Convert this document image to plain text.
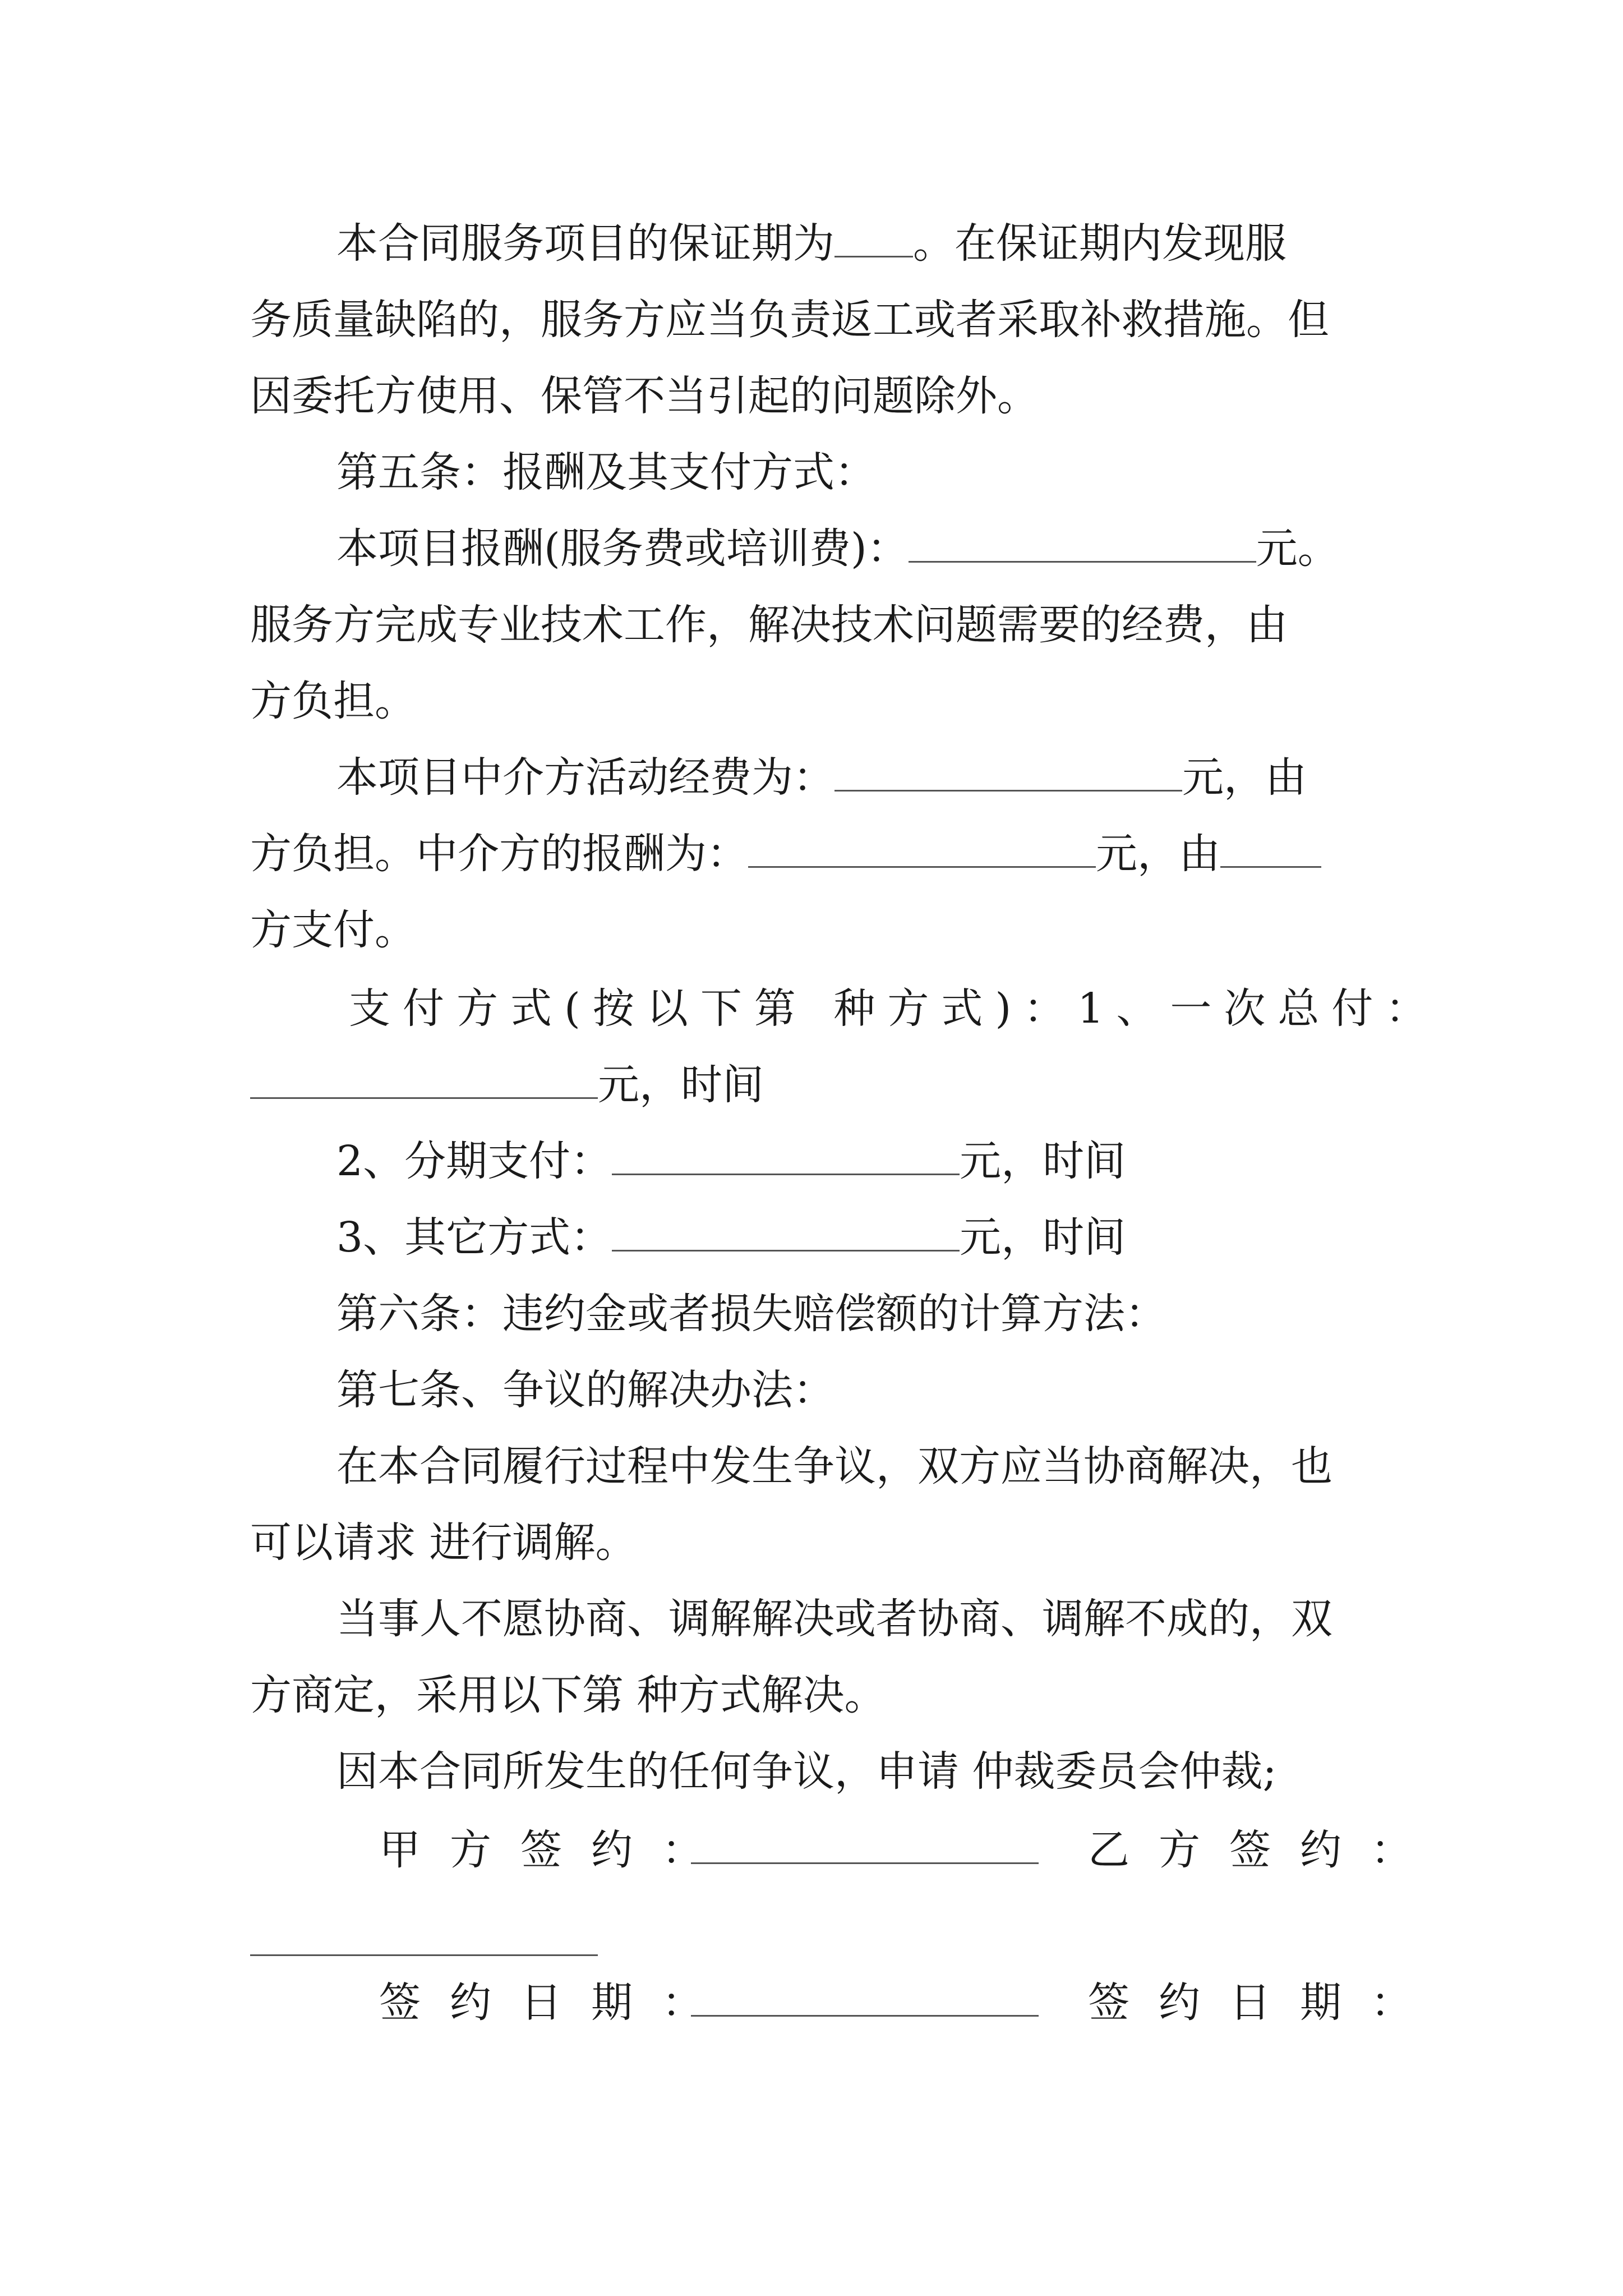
本合同服务项目的保证期为 。在保证期内发现服
务质量缺陷的，服务方应当负责返工或者采取补救措施。但
因委托方使用、保管不当引起的问题除外。
第五条：报酬及其支付方式：
本项目报酬(服务费或培训费)：	元。
服务方完成专业技术工作，解决技术问题需要的经费，由
方负担。
本项目中介方活动经费为：	元，由
方负担。中介方的报酬为：	元，由
方支付。
支付方式(按以下第 种方式)：1、一次总付：
元，时间
2、分期支付：	元，时间
3、其它方式：	元，时间
第六条：违约金或者损失赔偿额的计算方法：
第七条、争议的解决办法：
在本合同履行过程中发生争议，双方应当协商解决，也
可以请求 进行调解。
当事人不愿协商、调解解决或者协商、调解不成的，双
方商定，采用以下第 种方式解决。
因本合同所发生的任何争议，申请 仲裁委员会仲裁;
甲方签约：	乙方签约：
签约日期：	签约日期：
